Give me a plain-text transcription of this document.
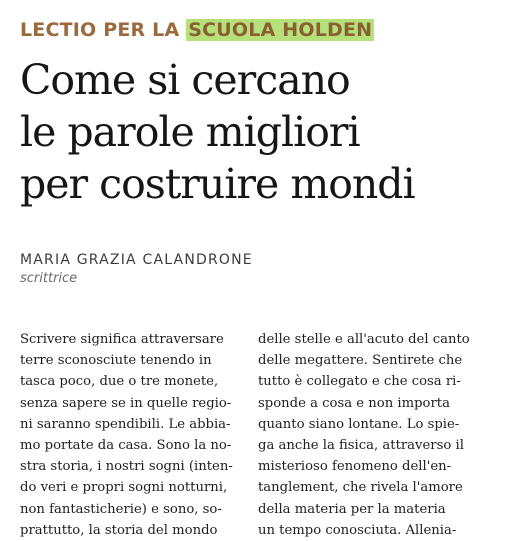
LECTIO PER LA SCUOLA HOLDEN
Come si cercano
le parole migliori
per costruire mondi
MARIA GRAZIA CALANDRONE
scrittrice
Scrivere significa attraversare
terre sconosciute tenendo in
tasca poco, due o tre monete,
senza sapere se in quelle regio-
ni saranno spendibili. Le abbia-
mo portate da casa. Sono la no-
stra storia, i nostri sogni (inten-
do veri e propri sogni notturni,
non fantasticherie) e sono, so-
prattutto, la storia del mondo
delle stelle e all'acuto del canto
delle megattere. Sentirete che
tutto è collegato e che cosa ri-
sponde a cosa e non importa
quanto siano lontane. Lo spie-
ga anche la fisica, attraverso il
misterioso fenomeno dell'en-
tanglement, che rivela l'amore
della materia per la materia
un tempo conosciuta. Allenia-
